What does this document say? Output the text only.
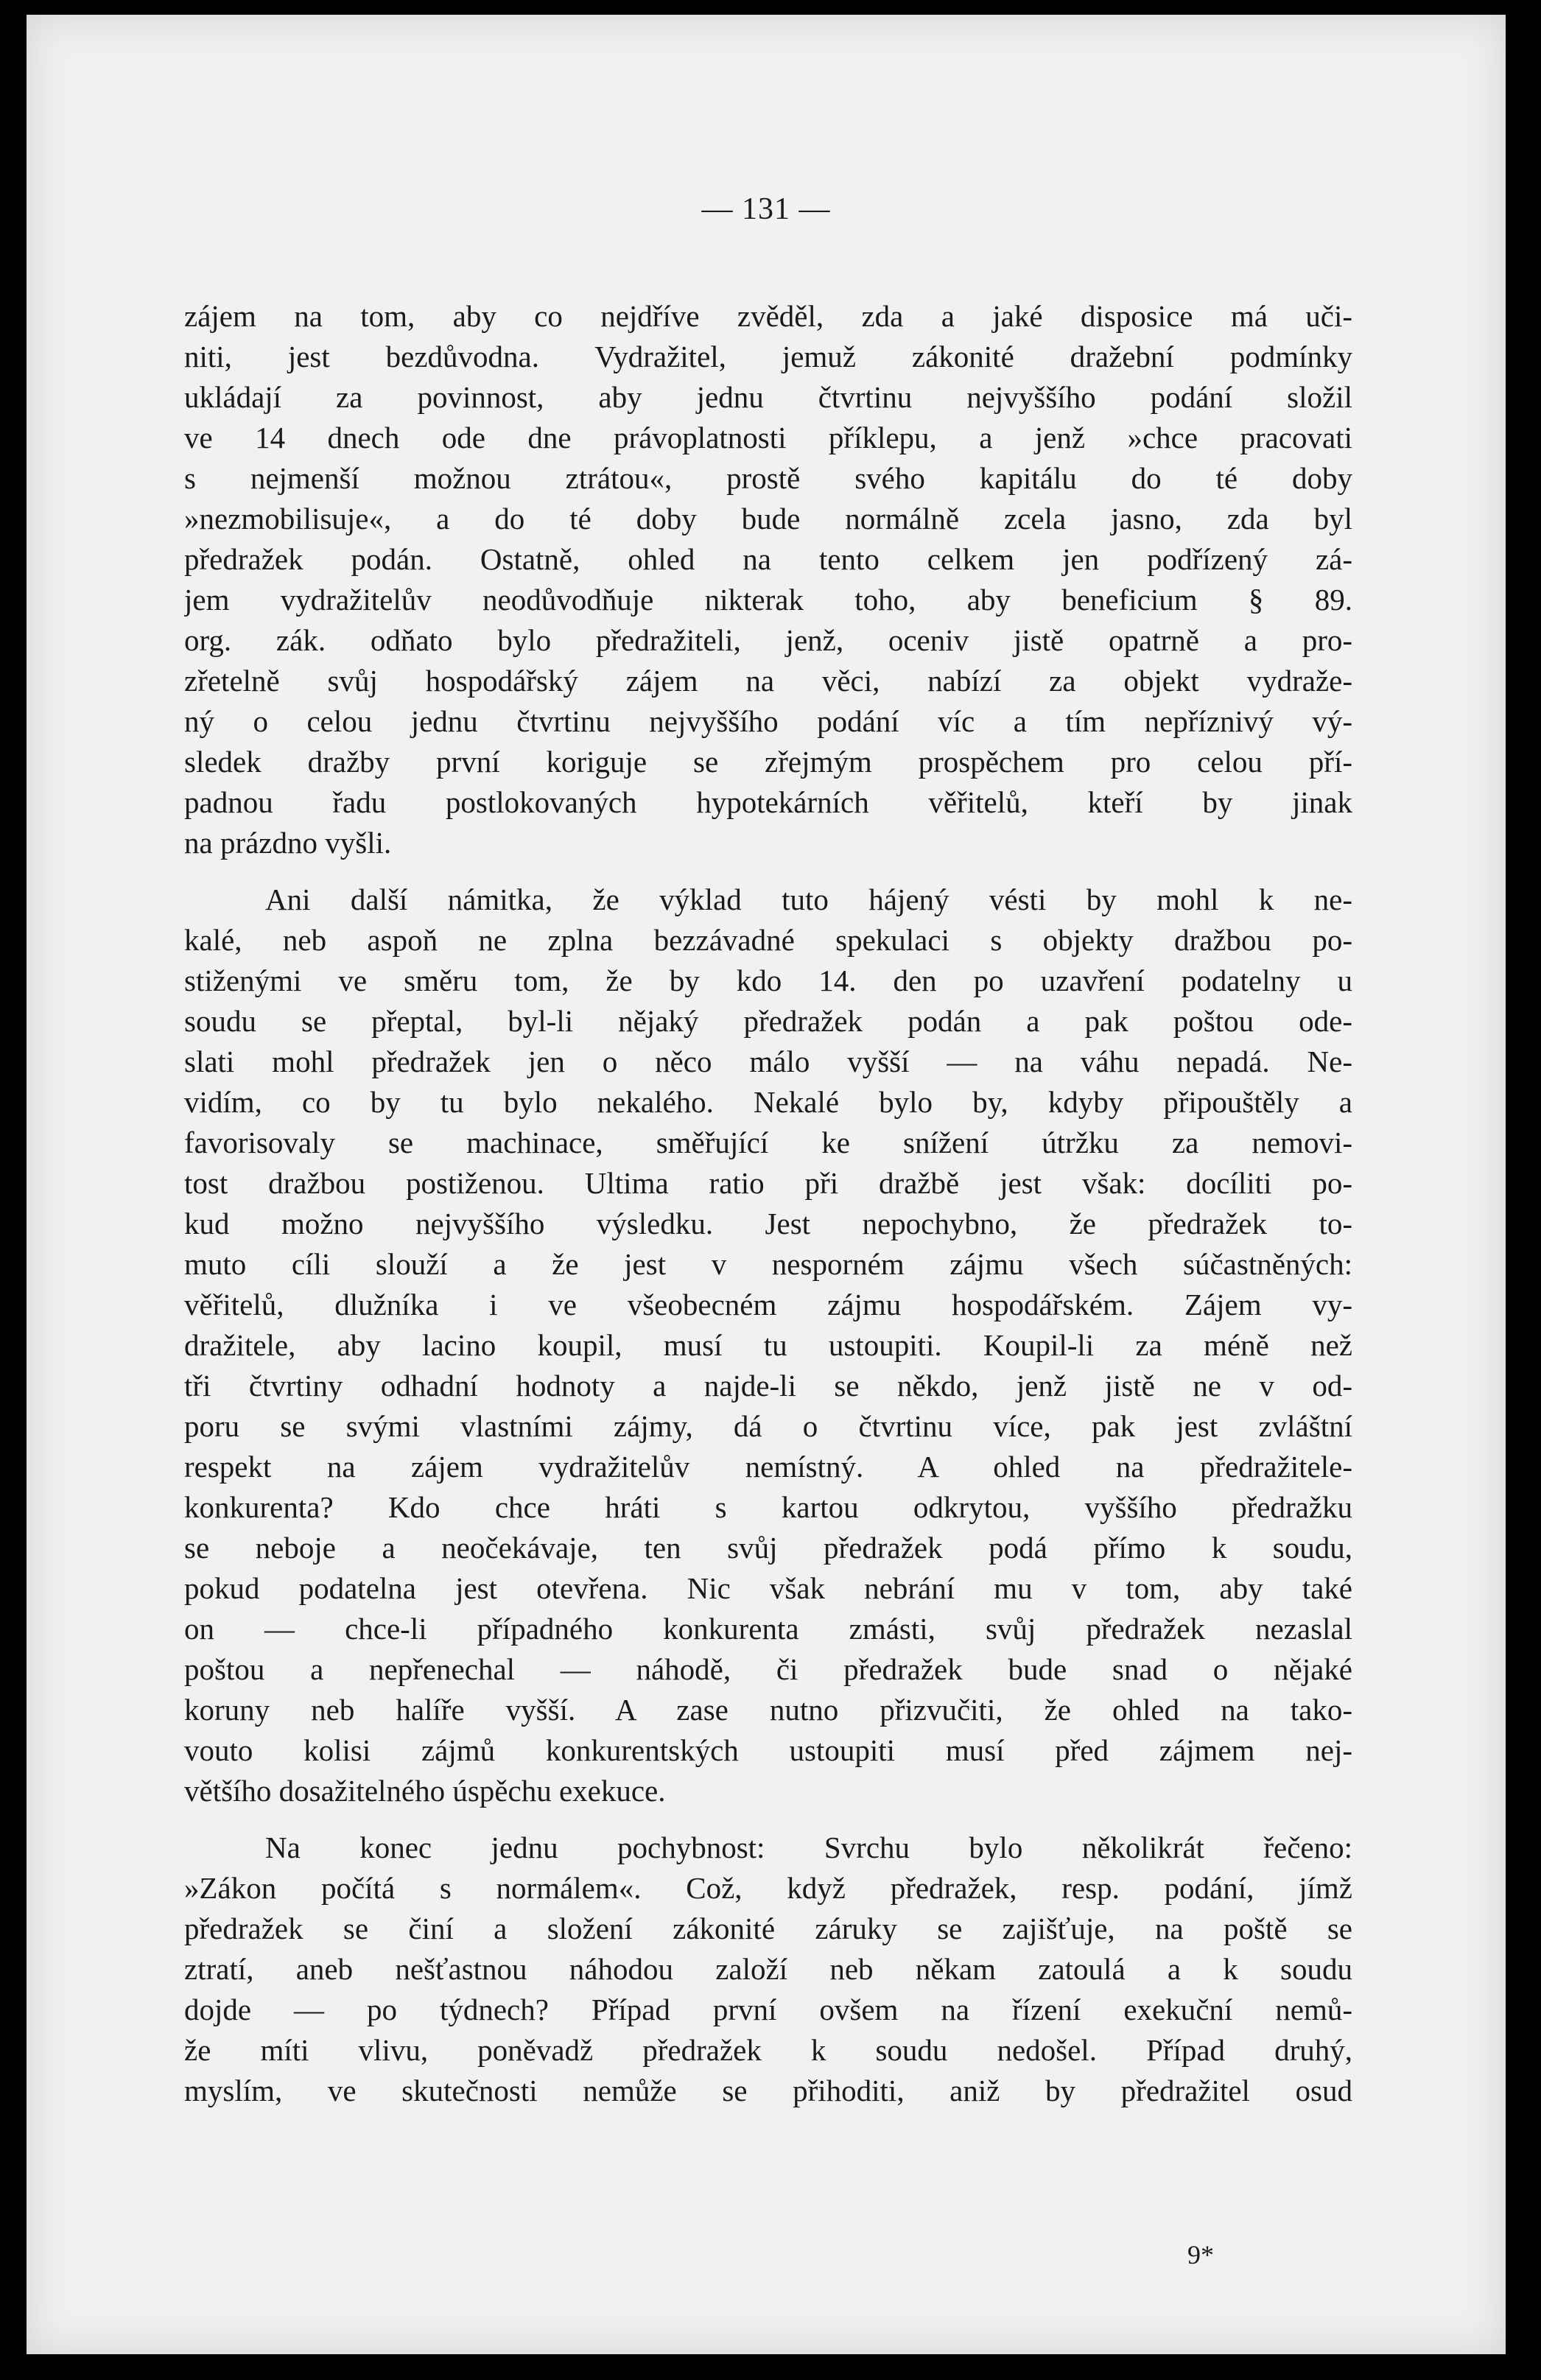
— 131 —
zájem na tom, aby co nejdříve zvěděl, zda a jaké disposice má uči-
niti, jest bezdůvodna. Vydražitel, jemuž zákonité dražební podmínky
ukládají za povinnost, aby jednu čtvrtinu nejvyššího podání složil
ve 14 dnech ode dne právoplatnosti příklepu, a jenž »chce pracovati
s nejmenší možnou ztrátou«, prostě svého kapitálu do té doby
»nezmobilisuje«, a do té doby bude normálně zcela jasno, zda byl
předražek podán. Ostatně, ohled na tento celkem jen podřízený zá-
jem vydražitelův neodůvodňuje nikterak toho, aby beneficium § 89.
org. zák. odňato bylo předražiteli, jenž, oceniv jistě opatrně a pro-
zřetelně svůj hospodářský zájem na věci, nabízí za objekt vydraže-
ný o celou jednu čtvrtinu nejvyššího podání víc a tím nepříznivý vý-
sledek dražby první koriguje se zřejmým prospěchem pro celou pří-
padnou řadu postlokovaných hypotekárních věřitelů, kteří by jinak
na prázdno vyšli.
Ani další námitka, že výklad tuto hájený vésti by mohl k ne-
kalé, neb aspoň ne zplna bezzávadné spekulaci s objekty dražbou po-
stiženými ve směru tom, že by kdo 14. den po uzavření podatelny u
soudu se přeptal, byl-li nějaký předražek podán a pak poštou ode-
slati mohl předražek jen o něco málo vyšší — na váhu nepadá. Ne-
vidím, co by tu bylo nekalého. Nekalé bylo by, kdyby připouštěly a
favorisovaly se machinace, směřující ke snížení útržku za nemovi-
tost dražbou postiženou. Ultima ratio při dražbě jest však: docíliti po-
kud možno nejvyššího výsledku. Jest nepochybno, že předražek to-
muto cíli slouží a že jest v nesporném zájmu všech súčastněných:
věřitelů, dlužníka i ve všeobecném zájmu hospodářském. Zájem vy-
dražitele, aby lacino koupil, musí tu ustoupiti. Koupil-li za méně než
tři čtvrtiny odhadní hodnoty a najde-li se někdo, jenž jistě ne v od-
poru se svými vlastními zájmy, dá o čtvrtinu více, pak jest zvláštní
respekt na zájem vydražitelův nemístný. A ohled na předražitele-
konkurenta? Kdo chce hráti s kartou odkrytou, vyššího předražku
se neboje a neočekávaje, ten svůj předražek podá přímo k soudu,
pokud podatelna jest otevřena. Nic však nebrání mu v tom, aby také
on — chce-li případného konkurenta zmásti, svůj předražek nezaslal
poštou a nepřenechal — náhodě, či předražek bude snad o nějaké
koruny neb halíře vyšší. A zase nutno přizvučiti, že ohled na tako-
vouto kolisi zájmů konkurentských ustoupiti musí před zájmem nej-
většího dosažitelného úspěchu exekuce.
Na konec jednu pochybnost: Svrchu bylo několikrát řečeno:
»Zákon počítá s normálem«. Což, když předražek, resp. podání, jímž
předražek se činí a složení zákonité záruky se zajišťuje, na poště se
ztratí, aneb nešťastnou náhodou založí neb někam zatoulá a k soudu
dojde — po týdnech? Případ první ovšem na řízení exekuční nemů-
že míti vlivu, poněvadž předražek k soudu nedošel. Případ druhý,
myslím, ve skutečnosti nemůže se přihoditi, aniž by předražitel osud
9*
